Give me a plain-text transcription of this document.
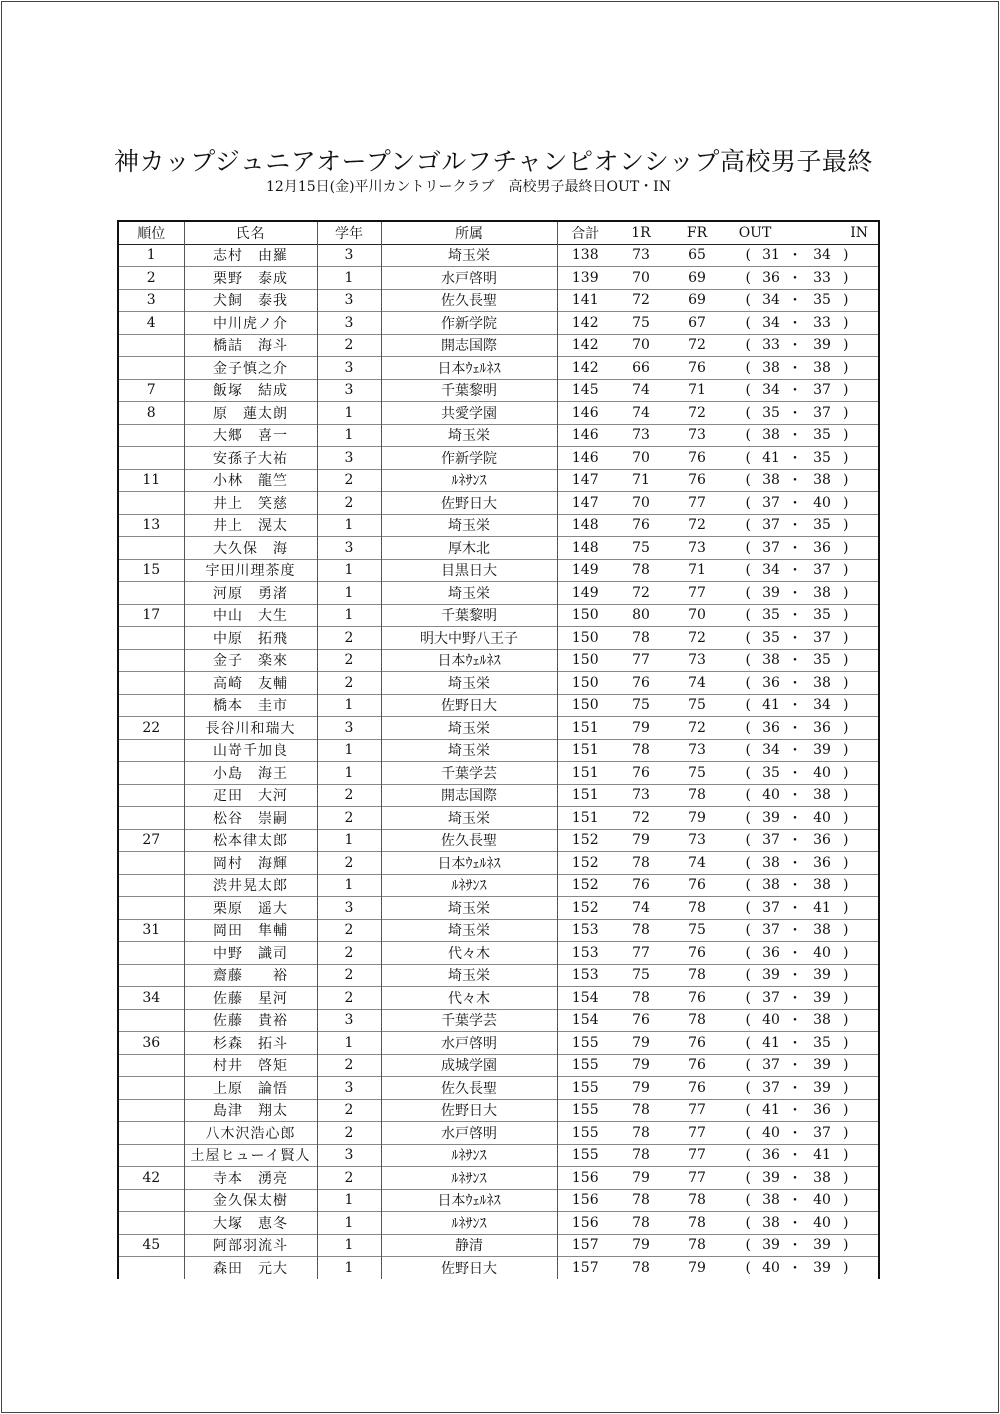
神カップジュニアオープンゴルフチャンピオンシップ高校男子最終
12月15日(金)平川カントリークラブ　高校男子最終日OUT・IN
順位	氏名	学年	所属	合計	1R	FR	OUT			IN	
1	志村　由羅	3	埼玉栄	138	73	65	(	31	・	34	)
2	栗野　泰成	1	水戸啓明	139	70	69	(	36	・	33	)
3	犬飼　泰我	3	佐久長聖	141	72	69	(	34	・	35	)
4	中川虎ノ介	3	作新学院	142	75	67	(	34	・	33	)
	橋詰　海斗	2	開志国際	142	70	72	(	33	・	39	)
	金子慎之介	3	日本ｳｪﾙﾈｽ	142	66	76	(	38	・	38	)
7	飯塚　結成	3	千葉黎明	145	74	71	(	34	・	37	)
8	原　蓮太朗	1	共愛学園	146	74	72	(	35	・	37	)
	大郷　喜一	1	埼玉栄	146	73	73	(	38	・	35	)
	安孫子大祐	3	作新学院	146	70	76	(	41	・	35	)
11	小林　龍竺	2	ﾙﾈｻﾝｽ	147	71	76	(	38	・	38	)
	井上　笑慈	2	佐野日大	147	70	77	(	37	・	40	)
13	井上　滉太	1	埼玉栄	148	76	72	(	37	・	35	)
	大久保　海	3	厚木北	148	75	73	(	37	・	36	)
15	宇田川理茶度	1	目黒日大	149	78	71	(	34	・	37	)
	河原　勇渚	1	埼玉栄	149	72	77	(	39	・	38	)
17	中山　大生	1	千葉黎明	150	80	70	(	35	・	35	)
	中原　拓飛	2	明大中野八王子	150	78	72	(	35	・	37	)
	金子　楽來	2	日本ｳｪﾙﾈｽ	150	77	73	(	38	・	35	)
	高崎　友輔	2	埼玉栄	150	76	74	(	36	・	38	)
	橋本　圭市	1	佐野日大	150	75	75	(	41	・	34	)
22	長谷川和瑞大	3	埼玉栄	151	79	72	(	36	・	36	)
	山嵜千加良	1	埼玉栄	151	78	73	(	34	・	39	)
	小島　海王	1	千葉学芸	151	76	75	(	35	・	40	)
	疋田　大河	2	開志国際	151	73	78	(	40	・	38	)
	松谷　崇嗣	2	埼玉栄	151	72	79	(	39	・	40	)
27	松本律太郎	1	佐久長聖	152	79	73	(	37	・	36	)
	岡村　海輝	2	日本ｳｪﾙﾈｽ	152	78	74	(	38	・	36	)
	渋井晃太郎	1	ﾙﾈｻﾝｽ	152	76	76	(	38	・	38	)
	栗原　遥大	3	埼玉栄	152	74	78	(	37	・	41	)
31	岡田　隼輔	2	埼玉栄	153	78	75	(	37	・	38	)
	中野　識司	2	代々木	153	77	76	(	36	・	40	)
	齋藤　　裕	2	埼玉栄	153	75	78	(	39	・	39	)
34	佐藤　星河	2	代々木	154	78	76	(	37	・	39	)
	佐藤　貴裕	3	千葉学芸	154	76	78	(	40	・	38	)
36	杉森　拓斗	1	水戸啓明	155	79	76	(	41	・	35	)
	村井　啓矩	2	成城学園	155	79	76	(	37	・	39	)
	上原　論悟	3	佐久長聖	155	79	76	(	37	・	39	)
	島津　翔太	2	佐野日大	155	78	77	(	41	・	36	)
	八木沢浩心郎	2	水戸啓明	155	78	77	(	40	・	37	)
	土屋ヒューイ賢人	3	ﾙﾈｻﾝｽ	155	78	77	(	36	・	41	)
42	寺本　湧亮	2	ﾙﾈｻﾝｽ	156	79	77	(	39	・	38	)
	金久保太樹	1	日本ｳｪﾙﾈｽ	156	78	78	(	38	・	40	)
	大塚　恵冬	1	ﾙﾈｻﾝｽ	156	78	78	(	38	・	40	)
45	阿部羽流斗	1	静清	157	79	78	(	39	・	39	)
	森田　元大	1	佐野日大	157	78	79	(	40	・	39	)
